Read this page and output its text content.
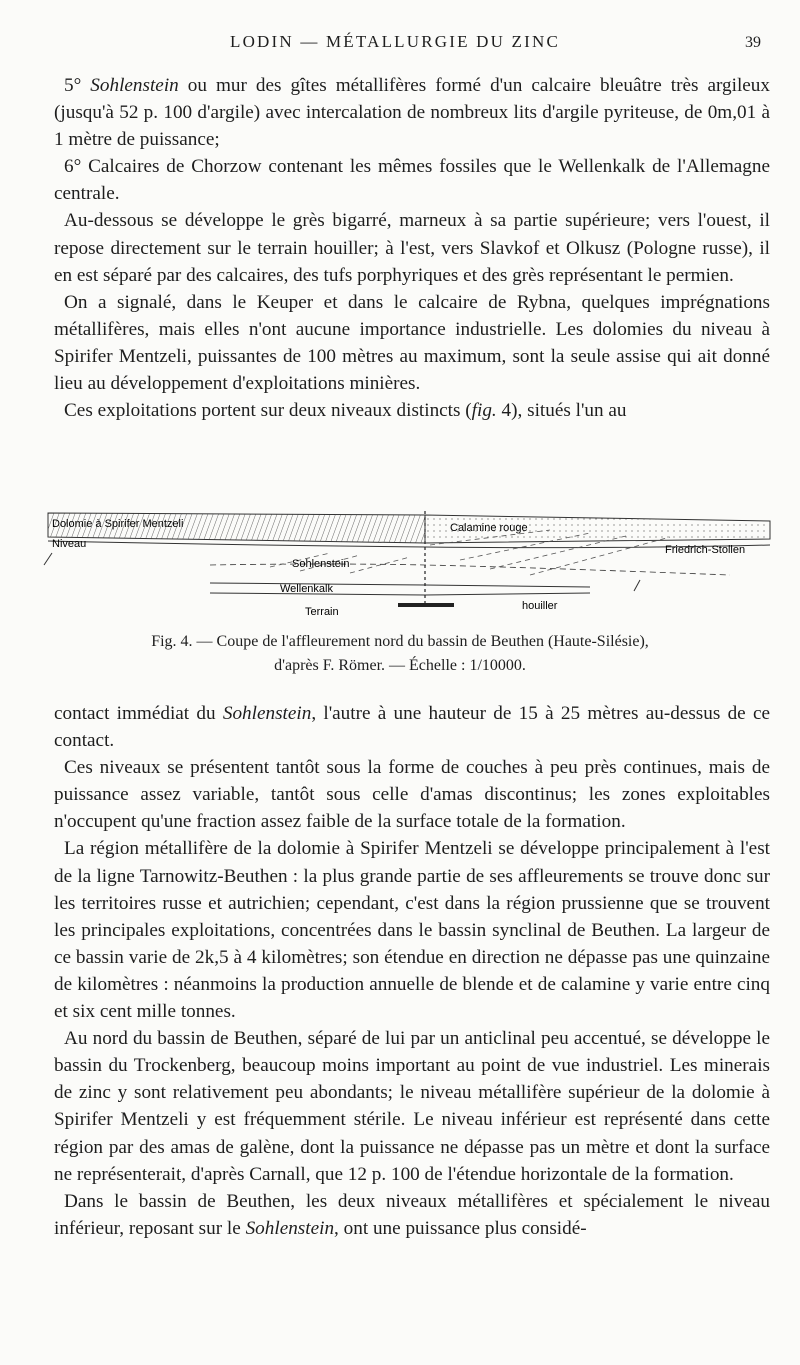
LODIN — MÉTALLURGIE DU ZINC	39

5° Sohlenstein ou mur des gîtes métallifères formé d'un calcaire bleuâtre très argileux (jusqu'à 52 p. 100 d'argile) avec intercalation de nombreux lits d'argile pyriteuse, de 0m,01 à 1 mètre de puissance;

6° Calcaires de Chorzow contenant les mêmes fossiles que le Wellenkalk de l'Allemagne centrale.

Au-dessous se développe le grès bigarré, marneux à sa partie supérieure; vers l'ouest, il repose directement sur le terrain houiller; à l'est, vers Slavkof et Olkusz (Pologne russe), il en est séparé par des calcaires, des tufs porphyriques et des grès représentant le permien.

On a signalé, dans le Keuper et dans le calcaire de Rybna, quelques imprégnations métallifères, mais elles n'ont aucune importance industrielle. Les dolomies du niveau à Spirifer Mentzeli, puissantes de 100 mètres au maximum, sont la seule assise qui ait donné lieu au développement d'exploitations minières.

Ces exploitations portent sur deux niveaux distincts (fig. 4), situés l'un au

Dolomie à Spirifer Mentzeli
Niveau
Calamine rouge
Friedrich-Stollen
Sohlenstein
Wellenkalk
Terrain	houiller
Fig. 4. — Coupe de l'affleurement nord du bassin de Beuthen (Haute-Silésie),
d'après F. Römer. — Échelle : 1/10000.

contact immédiat du Sohlenstein, l'autre à une hauteur de 15 à 25 mètres au-dessus de ce contact.

Ces niveaux se présentent tantôt sous la forme de couches à peu près continues, mais de puissance assez variable, tantôt sous celle d'amas discontinus; les zones exploitables n'occupent qu'une fraction assez faible de la surface totale de la formation.

La région métallifère de la dolomie à Spirifer Mentzeli se développe principalement à l'est de la ligne Tarnowitz-Beuthen : la plus grande partie de ses affleurements se trouve donc sur les territoires russe et autrichien; cependant, c'est dans la région prussienne que se trouvent les principales exploitations, concentrées dans le bassin synclinal de Beuthen. La largeur de ce bassin varie de 2k,5 à 4 kilomètres; son étendue en direction ne dépasse pas une quinzaine de kilomètres : néanmoins la production annuelle de blende et de calamine y varie entre cinq et six cent mille tonnes.

Au nord du bassin de Beuthen, séparé de lui par un anticlinal peu accentué, se développe le bassin du Trockenberg, beaucoup moins important au point de vue industriel. Les minerais de zinc y sont relativement peu abondants; le niveau métallifère supérieur de la dolomie à Spirifer Mentzeli y est fréquemment stérile. Le niveau inférieur est représenté dans cette région par des amas de galène, dont la puissance ne dépasse pas un mètre et dont la surface ne représenterait, d'après Carnall, que 12 p. 100 de l'étendue horizontale de la formation.

Dans le bassin de Beuthen, les deux niveaux métallifères et spécialement le niveau inférieur, reposant sur le Sohlenstein, ont une puissance plus considé-
